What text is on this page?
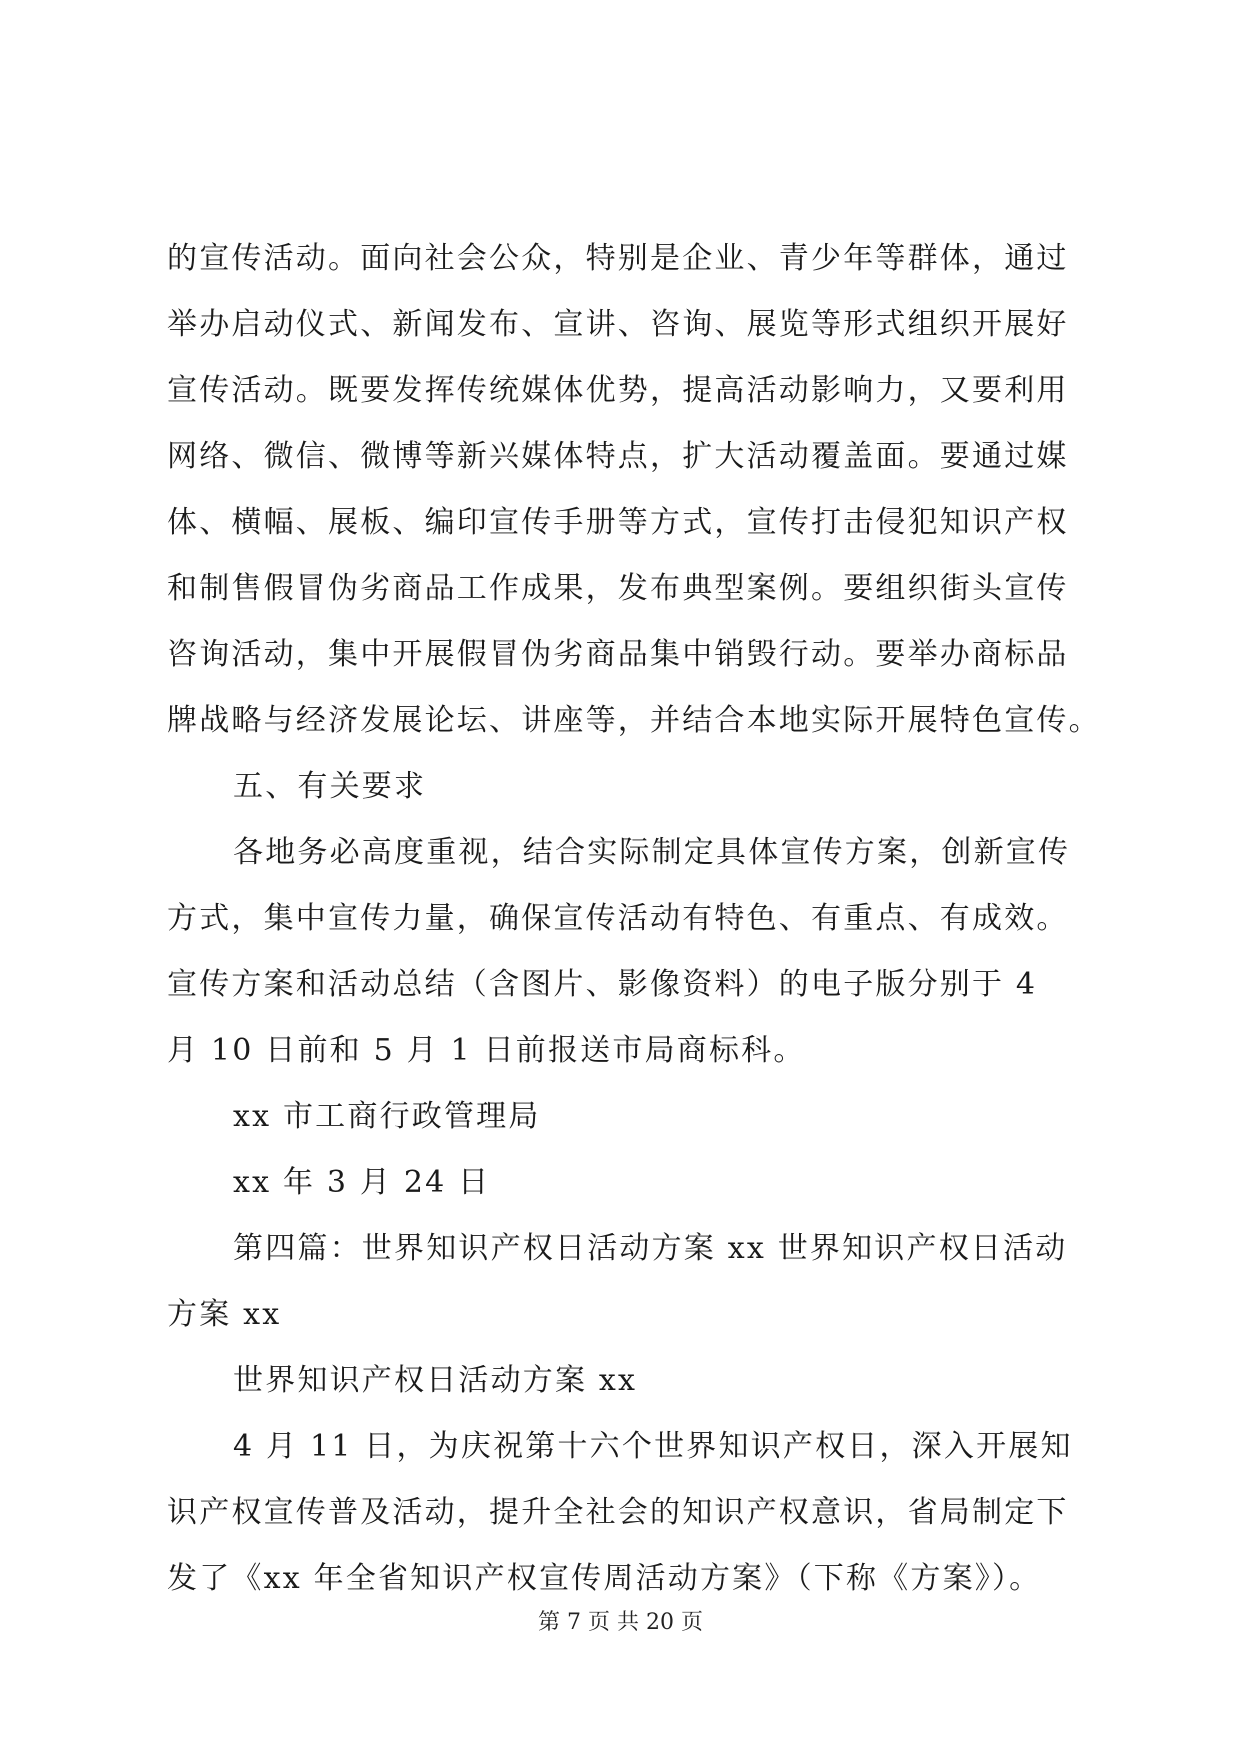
的宣传活动。面向社会公众，特别是企业、青少年等群体，通过
举办启动仪式、新闻发布、宣讲、咨询、展览等形式组织开展好
宣传活动。既要发挥传统媒体优势，提高活动影响力，又要利用
网络、微信、微博等新兴媒体特点，扩大活动覆盖面。要通过媒
体、横幅、展板、编印宣传手册等方式，宣传打击侵犯知识产权
和制售假冒伪劣商品工作成果，发布典型案例。要组织街头宣传
咨询活动，集中开展假冒伪劣商品集中销毁行动。要举办商标品
牌战略与经济发展论坛、讲座等，并结合本地实际开展特色宣传。
五、有关要求
各地务必高度重视，结合实际制定具体宣传方案，创新宣传
方式，集中宣传力量，确保宣传活动有特色、有重点、有成效。
宣传方案和活动总结（含图片、影像资料）的电子版分别于 4
月 10 日前和 5 月 1 日前报送市局商标科。
xx 市工商行政管理局
xx 年 3 月 24 日
第四篇：世界知识产权日活动方案 xx 世界知识产权日活动
方案 xx
世界知识产权日活动方案 xx
4 月 11 日，为庆祝第十六个世界知识产权日，深入开展知
识产权宣传普及活动，提升全社会的知识产权意识，省局制定下
发了《xx 年全省知识产权宣传周活动方案》（下称《方案》）。
第 7 页 共 20 页
